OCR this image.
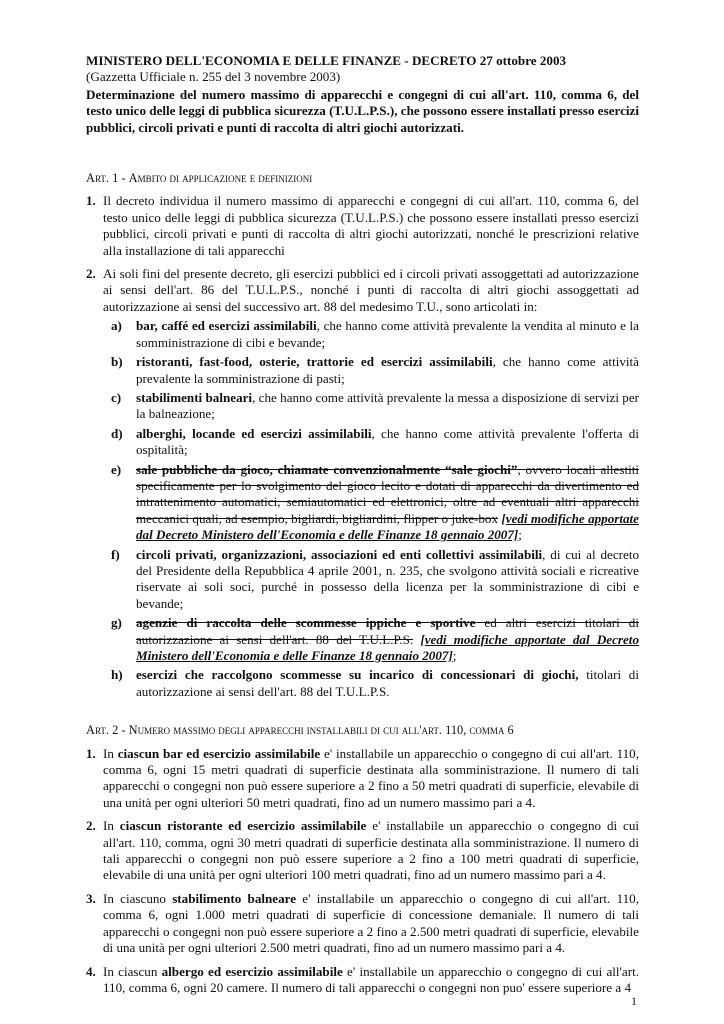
MINISTERO DELL'ECONOMIA E DELLE FINANZE - DECRETO 27 ottobre 2003
(Gazzetta Ufficiale n. 255 del 3 novembre 2003)
Determinazione del numero massimo di apparecchi e congegni di cui all'art. 110, comma 6, del testo unico delle leggi di pubblica sicurezza (T.U.L.P.S.), che possono essere installati presso esercizi pubblici, circoli privati e punti di raccolta di altri giochi autorizzati.
Art. 1 - Ambito di applicazione e definizioni
1. Il decreto individua il numero massimo di apparecchi e congegni di cui all'art. 110, comma 6, del testo unico delle leggi di pubblica sicurezza (T.U.L.P.S.) che possono essere installati presso esercizi pubblici, circoli privati e punti di raccolta di altri giochi autorizzati, nonché le prescrizioni relative alla installazione di tali apparecchi
2. Ai soli fini del presente decreto, gli esercizi pubblici ed i circoli privati assoggettati ad autorizzazione ai sensi dell'art. 86 del T.U.L.P.S., nonché i punti di raccolta di altri giochi assoggettati ad autorizzazione ai sensi del successivo art. 88 del medesimo T.U., sono articolati in:
a)	bar, caffé ed esercizi assimilabili, che hanno come attività prevalente la vendita al minuto e la somministrazione di cibi e bevande;
b)	ristoranti, fast-food, osterie, trattorie ed esercizi assimilabili, che hanno come attività prevalente la somministrazione di pasti;
c)	stabilimenti balneari, che hanno come attività prevalente la messa a disposizione di servizi per la balneazione;
d)	alberghi, locande ed esercizi assimilabili, che hanno come attività prevalente l'offerta di ospitalità;
e)	sale pubbliche da gioco, chiamate convenzionalmente “sale giochi”, ovvero locali allestiti specificamente per lo svolgimento del gioco lecito e dotati di apparecchi da divertimento ed intrattenimento automatici, semiautomatici ed elettronici, oltre ad eventuali altri apparecchi meccanici quali, ad esempio, bigliardi, bigliardini, flipper o juke-box [vedi modifiche apportate dal Decreto Ministero dell'Economia e delle Finanze 18 gennaio 2007];
f)	circoli privati, organizzazioni, associazioni ed enti collettivi assimilabili, di cui al decreto del Presidente della Repubblica 4 aprile 2001, n. 235, che svolgono attività sociali e ricreative riservate ai soli soci, purché in possesso della licenza per la somministrazione di cibi e bevande;
g)	agenzie di raccolta delle scommesse ippiche e sportive ed altri esercizi titolari di autorizzazione ai sensi dell'art. 88 del T.U.L.P.S. [vedi modifiche apportate dal Decreto Ministero dell'Economia e delle Finanze 18 gennaio 2007];
h)	esercizi che raccolgono scommesse su incarico di concessionari di giochi, titolari di autorizzazione ai sensi dell'art. 88 del T.U.L.P.S.
Art. 2 - Numero massimo degli apparecchi installabili di cui all'art. 110, comma 6
1. In ciascun bar ed esercizio assimilabile e' installabile un apparecchio o congegno di cui all'art. 110, comma 6, ogni 15 metri quadrati di superficie destinata alla somministrazione. Il numero di tali apparecchi o congegni non può essere superiore a 2 fino a 50 metri quadrati di superficie, elevabile di una unità per ogni ulteriori 50 metri quadrati, fino ad un numero massimo pari a 4.
2. In ciascun ristorante ed esercizio assimilabile e' installabile un apparecchio o congegno di cui all'art. 110, comma, ogni 30 metri quadrati di superficie destinata alla somministrazione. Il numero di tali apparecchi o congegni non può essere superiore a 2 fino a 100 metri quadrati di superficie, elevabile di una unità per ogni ulteriori 100 metri quadrati, fino ad un numero massimo pari a 4.
3. In ciascuno stabilimento balneare e' installabile un apparecchio o congegno di cui all'art. 110, comma 6, ogni 1.000 metri quadrati di superficie di concessione demaniale. Il numero di tali apparecchi o congegni non può essere superiore a 2 fino a 2.500 metri quadrati di superficie, elevabile di una unità per ogni ulteriori 2.500 metri quadrati, fino ad un numero massimo pari a 4.
4. In ciascun albergo ed esercizio assimilabile e' installabile un apparecchio o congegno di cui all'art. 110, comma 6, ogni 20 camere. Il numero di tali apparecchi o congegni non puo' essere superiore a 4
1
